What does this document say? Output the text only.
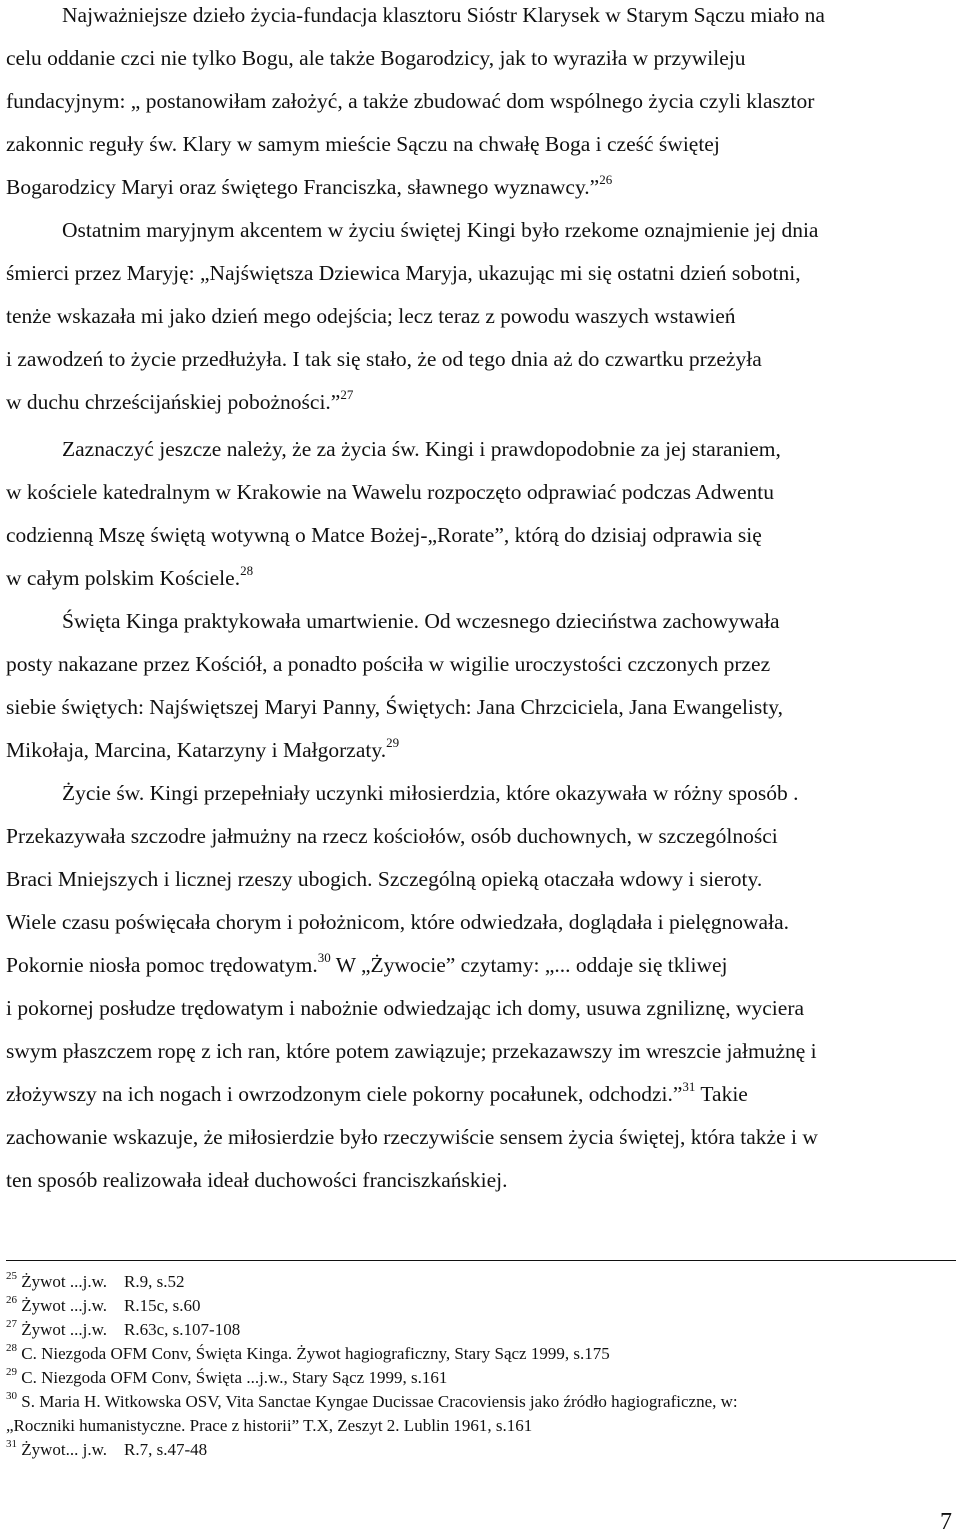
Najważniejsze dzieło życia-fundacja klasztoru Sióstr Klarysek w Starym Sączu miało na
celu oddanie czci nie tylko Bogu, ale także Bogarodzicy, jak to wyraziła w przywileju
fundacyjnym: „ postanowiłam założyć, a także zbudować dom wspólnego życia czyli klasztor
zakonnic reguły św. Klary w samym mieście Sączu na chwałę Boga i cześć świętej
Bogarodzicy Maryi oraz świętego Franciszka, sławnego wyznawcy.”$^{26}$
Ostatnim maryjnym akcentem w życiu świętej Kingi było rzekome oznajmienie jej dnia
śmierci przez Maryję: „Najświętsza Dziewica Maryja, ukazując mi się ostatni dzień sobotni,
tenże wskazała mi jako dzień mego odejścia; lecz teraz z powodu waszych wstawień
i zawodzeń to życie przedłużyła. I tak się stało, że od tego dnia aż do czwartku przeżyła
w duchu chrześcijańskiej pobożności.”$^{27}$
Zaznaczyć jeszcze należy, że za życia św. Kingi i prawdopodobnie za jej staraniem,
w kościele katedralnym w Krakowie na Wawelu rozpoczęto odprawiać podczas Adwentu
codzienną Mszę świętą wotywną o Matce Bożej-„Rorate”, którą do dzisiaj odprawia się
w całym polskim Kościele.$^{28}$
Święta Kinga praktykowała umartwienie. Od wczesnego dzieciństwa zachowywała
posty nakazane przez Kościół, a ponadto pościła w wigilie uroczystości czczonych przez
siebie świętych: Najświętszej Maryi Panny, Świętych: Jana Chrzciciela, Jana Ewangelisty,
Mikołaja, Marcina, Katarzyny i Małgorzaty.$^{29}$
Życie św. Kingi przepełniały uczynki miłosierdzia, które okazywała w różny sposób .
Przekazywała szczodre jałmużny na rzecz kościołów, osób duchownych, w szczególności
Braci Mniejszych i licznej rzeszy ubogich. Szczególną opieką otaczała wdowy i sieroty.
Wiele czasu poświęcała chorym i położnicom, które odwiedzała, doglądała i pielęgnowała.
Pokornie niosła pomoc trędowatym.$^{30}$ W „Żywocie” czytamy: „... oddaje się tkliwej
i pokornej posłudze trędowatym i nabożnie odwiedzając ich domy, usuwa zgniliznę, wyciera
swym płaszczem ropę z ich ran, które potem zawiązuje; przekazawszy im wreszcie jałmużnę i
złożywszy na ich nogach i owrzodzonym ciele pokorny pocałunek, odchodzi.”$^{31}$ Takie
zachowanie wskazuje, że miłosierdzie było rzeczywiście sensem życia świętej, która także i w
ten sposób realizowała ideał duchowości franciszkańskiej.
$^{25}$ Żywot ...j.w.    R.9, s.52
$^{26}$ Żywot ...j.w.    R.15c, s.60
$^{27}$ Żywot ...j.w.    R.63c, s.107-108
$^{28}$ C. Niezgoda OFM Conv, Święta Kinga. Żywot hagiograficzny, Stary Sącz 1999, s.175
$^{29}$ C. Niezgoda OFM Conv, Święta ...j.w., Stary Sącz 1999, s.161
$^{30}$ S. Maria H. Witkowska OSV, Vita Sanctae Kyngae Ducissae Cracoviensis jako źródło hagiograficzne, w:
„Roczniki humanistyczne. Prace z historii” T.X, Zeszyt 2. Lublin 1961, s.161
$^{31}$ Żywot... j.w.    R.7, s.47-48
7
